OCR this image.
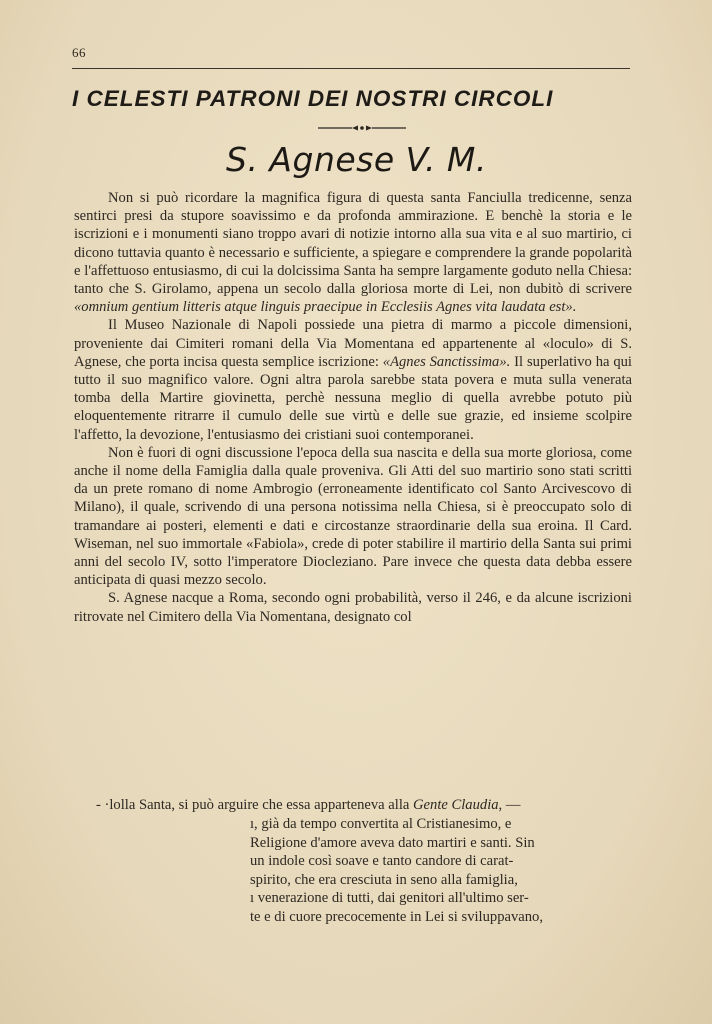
66
I CELESTI PATRONI DEI NOSTRI CIRCOLI
S. Agnese V. M.

Non si può ricordare la magnifica figura di questa santa Fanciulla tredicenne, senza sentirci presi da stupore soavissimo e da profonda ammirazione. E benchè la storia e le iscrizioni e i monumenti siano troppo avari di notizie intorno alla sua vita e al suo martirio, ci dicono tuttavia quanto è necessario e sufficiente, a spiegare e comprendere la grande popolarità e l'affettuoso entusiasmo, di cui la dolcissima Santa ha sempre largamente goduto nella Chiesa: tanto che S. Girolamo, appena un secolo dalla gloriosa morte di Lei, non dubitò di scrivere «omnium gentium litteris atque linguis praecipue in Ecclesiis Agnes vita laudata est».

Il Museo Nazionale di Napoli possiede una pietra di marmo a piccole dimensioni, proveniente dai Cimiteri romani della Via Momentana ed appartenente al «loculo» di S. Agnese, che porta incisa questa semplice iscrizione: «Agnes Sanctissima». Il superlativo ha qui tutto il suo magnifico valore. Ogni altra parola sarebbe stata povera e muta sulla venerata tomba della Martire giovinetta, perchè nessuna meglio di quella avrebbe potuto più eloquentemente ritrarre il cumulo delle sue virtù e delle sue grazie, ed insieme scolpire l'affetto, la devozione, l'entusiasmo dei cristiani suoi contemporanei.

Non è fuori di ogni discussione l'epoca della sua nascita e della sua morte gloriosa, come anche il nome della Famiglia dalla quale proveniva. Gli Atti del suo martirio sono stati scritti da un prete romano di nome Ambrogio (erroneamente identificato col Santo Arcivescovo di Milano), il quale, scrivendo di una persona notissima nella Chiesa, si è preoccupato solo di tramandare ai posteri, elementi e dati e circostanze straordinarie della sua eroina. Il Card. Wiseman, nel suo immortale «Fabiola», crede di poter stabilire il martirio della Santa sui primi anni del secolo IV, sotto l'imperatore Diocleziano. Pare invece che questa data debba essere anticipata di quasi mezzo secolo.

S. Agnese nacque a Roma, secondo ogni probabilità, verso il 246, e da alcune iscrizioni ritrovate nel Cimitero della Via Nomentana, designato col

- ·lolla Santa, si può arguire che essa apparteneva alla Gente Claudia, —
ı, già da tempo convertita al Cristianesimo, e
Religione d'amore aveva dato martiri e santi. Sin
un indole così soave e tanto candore di carat-
spirito, che era cresciuta in seno alla famiglia,
ı venerazione di tutti, dai genitori all'ultimo ser-
te e di cuore precocemente in Lei si sviluppavano,
